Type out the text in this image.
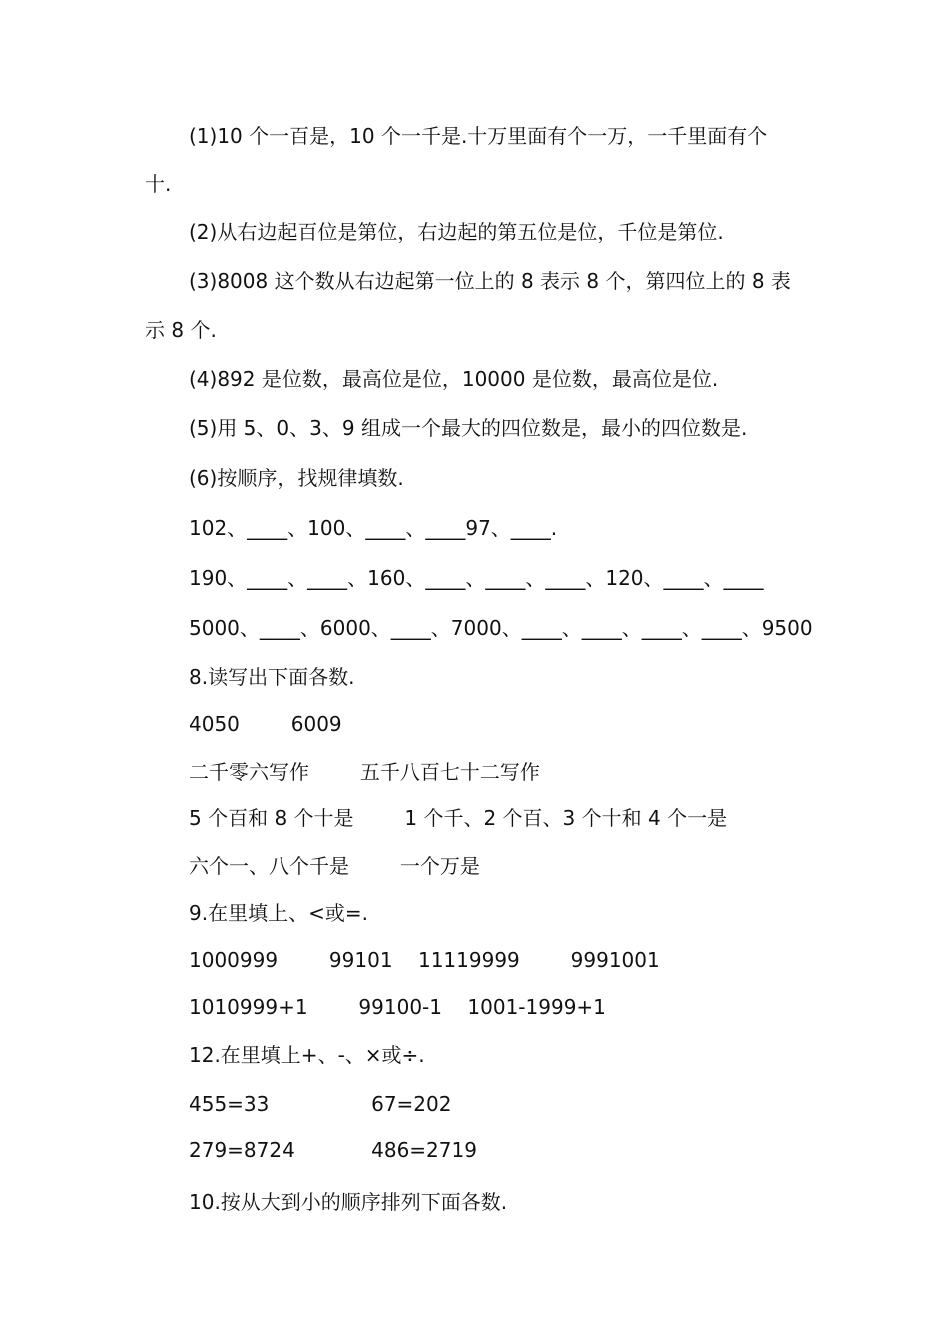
(1)10 个一百是，10 个一千是.十万里面有个一万，一千里面有个
十.
(2)从右边起百位是第位，右边起的第五位是位，千位是第位.
(3)8008 这个数从右边起第一位上的 8 表示 8 个，第四位上的 8 表
示 8 个.
(4)892 是位数，最高位是位，10000 是位数，最高位是位.
(5)用 5、0、3、9 组成一个最大的四位数是，最小的四位数是.
(6)按顺序，找规律填数.
102、____、100、____、____97、____.
190、____、____、160、____、____、____、120、____、____
5000、____、6000、____、7000、____、____、____、____、9500
8.读写出下面各数.
4050        6009
二千零六写作        五千八百七十二写作
5 个百和 8 个十是        1 个千、2 个百、3 个十和 4 个一是
六个一、八个千是        一个万是
9.在里填上、<或=.
1000999        99101    11119999        9991001
1010999+1        99100-1    1001-1999+1
12.在里填上+、-、×或÷.
455=33                67=202
279=8724            486=2719
10.按从大到小的顺序排列下面各数.
